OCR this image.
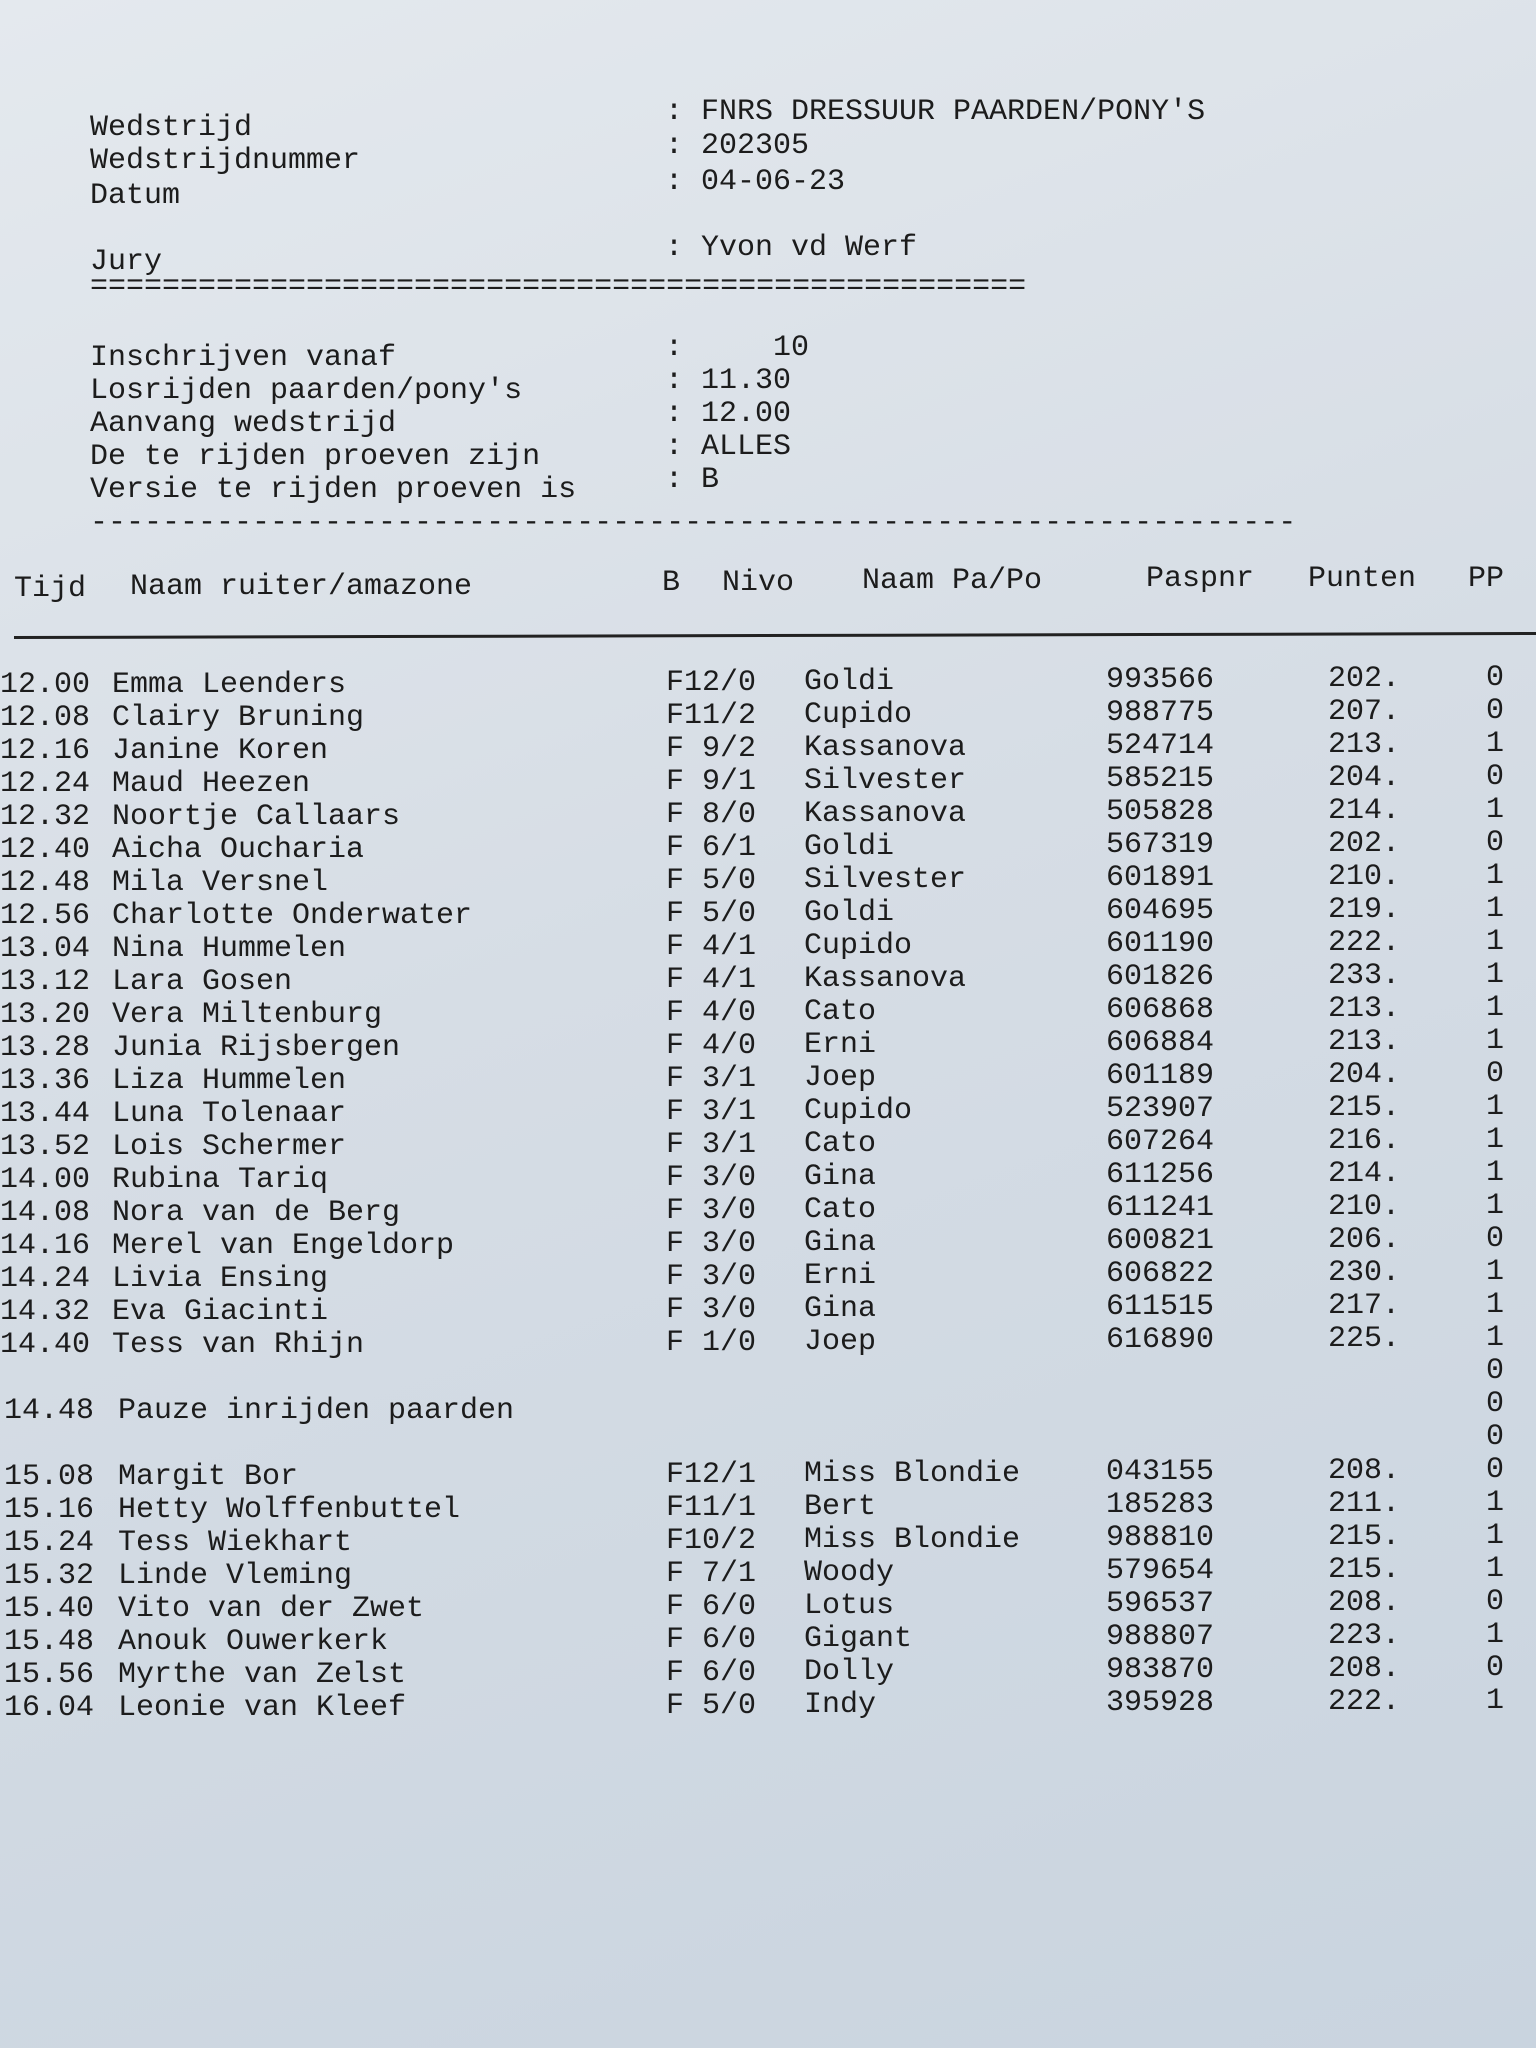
Wedstrijd	: FNRS DRESSUUR PAARDEN/PONY'S
Wedstrijdnummer	: 202305
Datum	: 04-06-23
Jury	: Yvon vd Werf
====================================================
Inschrijven vanaf	:     10
Losrijden paarden/pony's	: 11.30
Aanvang wedstrijd	: 12.00
De te rijden proeven zijn	: ALLES
Versie te rijden proeven is	: B
-------------------------------------------------------------------
Tijd Naam ruiter/amazone	B Nivo Naam Pa/Po	Paspnr Punten PP
12.00 Emma Leenders	F12/0 Goldi	993566	202.	0
12.08 Clairy Bruning	F11/2 Cupido	988775	207.	0
12.16 Janine Koren	F 9/2 Kassanova	524714	213.	1
12.24 Maud Heezen	F 9/1 Silvester	585215	204.	0
12.32 Noortje Callaars	F 8/0 Kassanova	505828	214.	1
12.40 Aicha Oucharia	F 6/1 Goldi	567319	202.	0
12.48 Mila Versnel	F 5/0 Silvester	601891	210.	1
12.56 Charlotte Onderwater	F 5/0 Goldi	604695	219.	1
13.04 Nina Hummelen	F 4/1 Cupido	601190	222.	1
13.12 Lara Gosen	F 4/1 Kassanova	601826	233.	1
13.20 Vera Miltenburg	F 4/0 Cato	606868	213.	1
13.28 Junia Rijsbergen	F 4/0 Erni	606884	213.	1
13.36 Liza Hummelen	F 3/1 Joep	601189	204.	0
13.44 Luna Tolenaar	F 3/1 Cupido	523907	215.	1
13.52 Lois Schermer	F 3/1 Cato	607264	216.	1
14.00 Rubina Tariq	F 3/0 Gina	611256	214.	1
14.08 Nora van de Berg	F 3/0 Cato	611241	210.	1
14.16 Merel van Engeldorp	F 3/0 Gina	600821	206.	0
14.24 Livia Ensing	F 3/0 Erni	606822	230.	1
14.32 Eva Giacinti	F 3/0 Gina	611515	217.	1
14.40 Tess van Rhijn	F 1/0 Joep	616890	225.	1
0
14.48 Pauze inrijden paarden	0
0
15.08 Margit Bor	F12/1 Miss Blondie	043155	208.	0
15.16 Hetty Wolffenbuttel	F11/1 Bert	185283	211.	1
15.24 Tess Wiekhart	F10/2 Miss Blondie	988810	215.	1
15.32 Linde Vleming	F 7/1 Woody	579654	215.	1
15.40 Vito van der Zwet	F 6/0 Lotus	596537	208.	0
15.48 Anouk Ouwerkerk	F 6/0 Gigant	988807	223.	1
15.56 Myrthe van Zelst	F 6/0 Dolly	983870	208.	0
16.04 Leonie van Kleef	F 5/0 Indy	395928	222.	1
